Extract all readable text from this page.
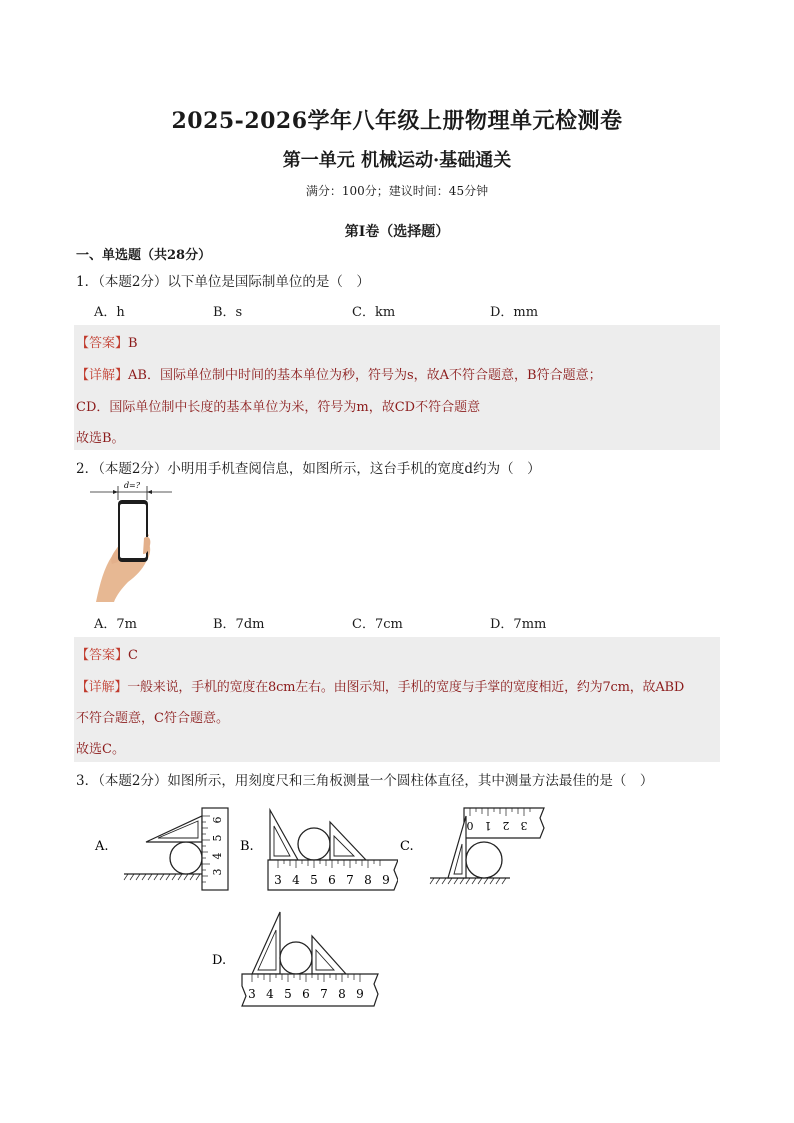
2025-2026学年八年级上册物理单元检测卷
第一单元 机械运动·基础通关
满分：100分；建议时间：45分钟
第Ⅰ卷（选择题）
一、单选题（共28分）
1．（本题2分）以下单位是国际制单位的是（　）
A．h	B．s	C．km	D．mm
【答案】B
【详解】AB．国际单位制中时间的基本单位为秒，符号为s，故A不符合题意，B符合题意；
CD．国际单位制中长度的基本单位为米，符号为m，故CD不符合题意
故选B。
2．（本题2分）小明用手机查阅信息，如图所示，这台手机的宽度d约为（　）
d=?
A．7m	B．7dm	C．7cm	D．7mm
【答案】C
【详解】一般来说，手机的宽度在8cm左右。由图示知，手机的宽度与手掌的宽度相近，约为7cm，故ABD
不符合题意，C符合题意。
故选C。
3．（本题2分）如图所示，用刻度尺和三角板测量一个圆柱体直径，其中测量方法最佳的是（　）
A.
3
4
5
6
B.
3 4 5 6 7 8 9
C.
3
2
1
0
D.
3 4 5 6 7 8 9
